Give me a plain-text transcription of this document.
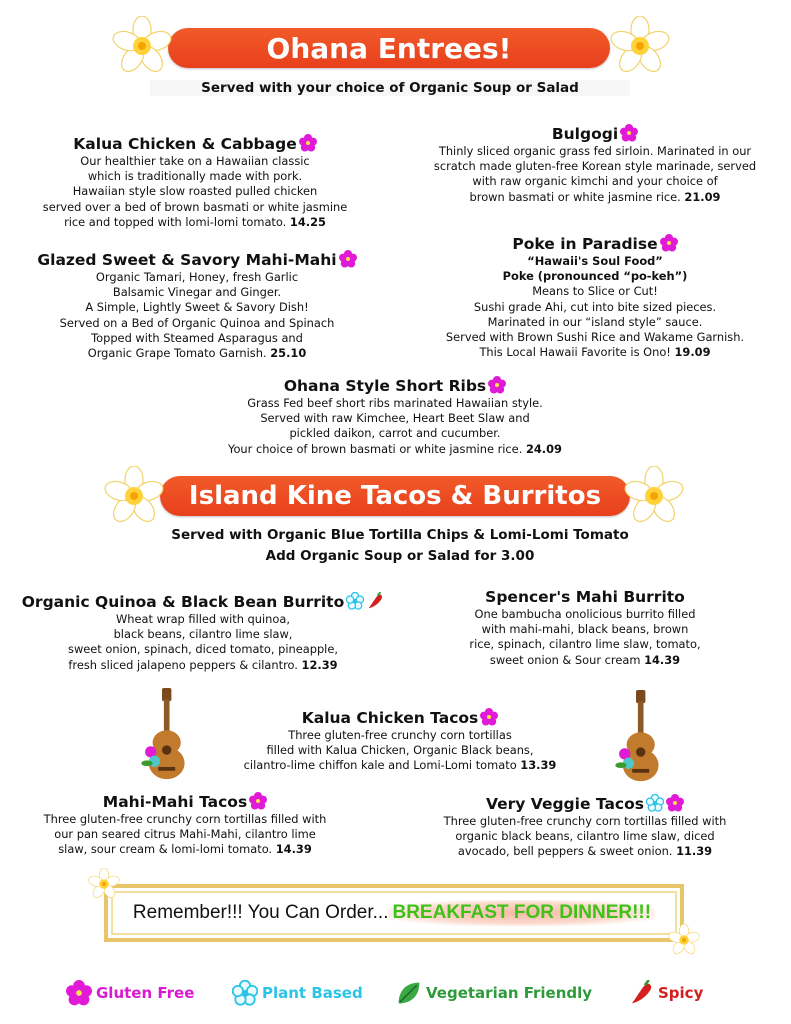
Ohana Entrees!
Served with your choice of Organic Soup or Salad
Kalua Chicken & Cabbage

Our healthier take on a Hawaiian classic

which is traditionally made with pork.

Hawaiian style slow roasted pulled chicken

served over a bed of brown basmati or white jasmine

rice and topped with lomi-lomi tomato. 14.25

Bulgogi

Thinly sliced organic grass fed sirloin. Marinated in our

scratch made gluten-free Korean style marinade, served

with raw organic kimchi and your choice of

brown basmati or white jasmine rice. 21.09

Glazed Sweet & Savory Mahi-Mahi

Organic Tamari, Honey, fresh Garlic

Balsamic Vinegar and Ginger.

A Simple, Lightly Sweet & Savory Dish!

Served on a Bed of Organic Quinoa and Spinach

Topped with Steamed Asparagus and

Organic Grape Tomato Garnish. 25.10

Poke in Paradise

“Hawaii's Soul Food”

Poke (pronounced “po-keh”)

Means to Slice or Cut!

Sushi grade Ahi, cut into bite sized pieces.

Marinated in our “island style” sauce.

Served with Brown Sushi Rice and Wakame Garnish.

This Local Hawaii Favorite is Ono! 19.09

Ohana Style Short Ribs

Grass Fed beef short ribs marinated Hawaiian style.

Served with raw Kimchee, Heart Beet Slaw and

pickled daikon, carrot and cucumber.

Your choice of brown basmati or white jasmine rice. 24.09

Island Kine Tacos & Burritos
Served with Organic Blue Tortilla Chips & Lomi-Lomi Tomato
Add Organic Soup or Salad for 3.00
Organic Quinoa & Black Bean Burrito

Wheat wrap filled with quinoa,

black beans, cilantro lime slaw,

sweet onion, spinach, diced tomato, pineapple,

fresh sliced jalapeno peppers & cilantro. 12.39

Spencer's Mahi Burrito

One bambucha onolicious burrito filled

with mahi-mahi, black beans, brown

rice, spinach, cilantro lime slaw, tomato,

sweet onion & Sour cream 14.39

Kalua Chicken Tacos

Three gluten-free crunchy corn tortillas

filled with Kalua Chicken, Organic Black beans,

cilantro-lime chiffon kale and Lomi-Lomi tomato 13.39

Mahi-Mahi Tacos

Three gluten-free crunchy corn tortillas filled with

our pan seared citrus Mahi-Mahi, cilantro lime

slaw, sour cream & lomi-lomi tomato. 14.39

Very Veggie Tacos

Three gluten-free crunchy corn tortillas filled with

organic black beans, cilantro lime slaw, diced

avocado, bell peppers & sweet onion. 11.39

Remember!!! You Can Order... BREAKFAST FOR DINNER!!!
Gluten Free	Plant Based	Vegetarian Friendly	Spicy
